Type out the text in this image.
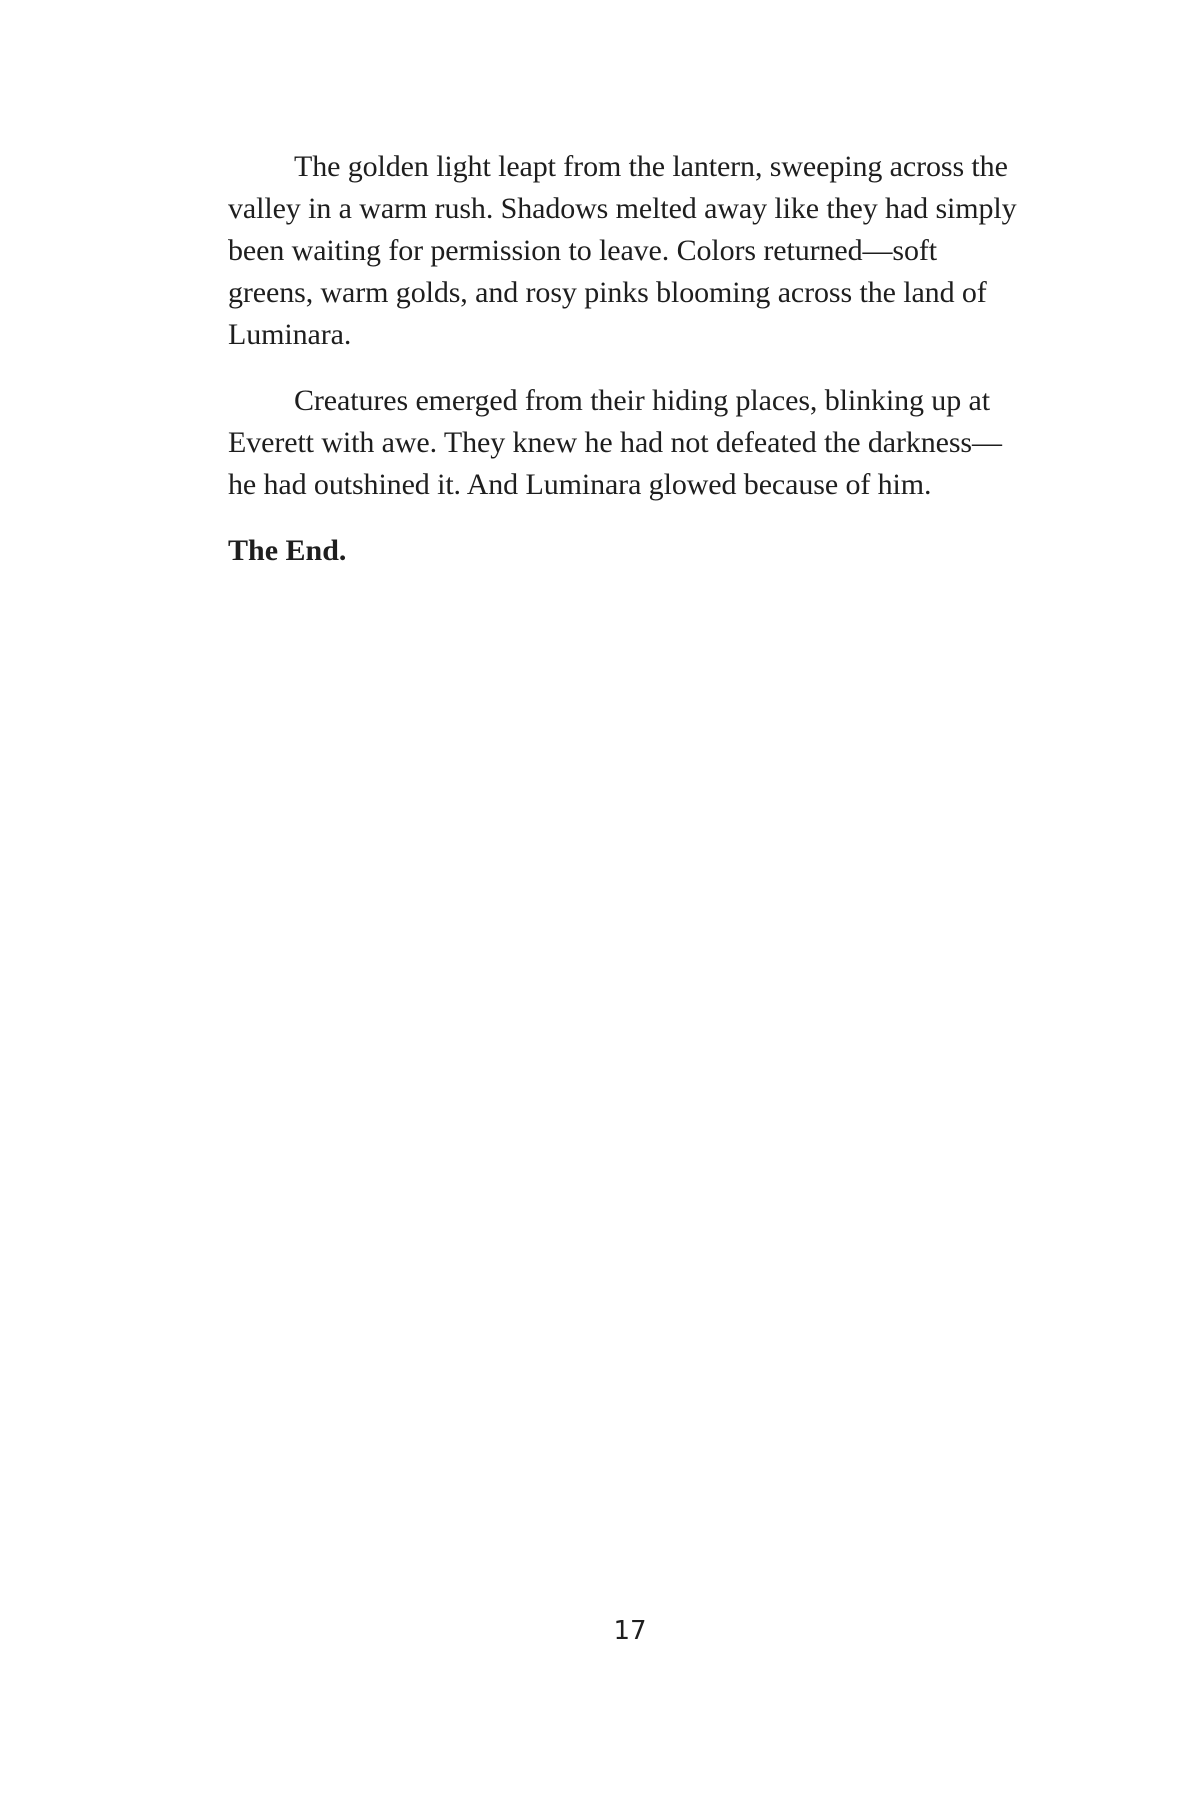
The golden light leapt from the lantern, sweeping across the valley in a warm rush. Shadows melted away like they had simply been waiting for permission to leave. Colors returned—soft greens, warm golds, and rosy pinks blooming across the land of Luminara.

Creatures emerged from their hiding places, blinking up at Everett with awe. They knew he had not defeated the darkness—he had outshined it. And Luminara glowed because of him.

The End.

17
